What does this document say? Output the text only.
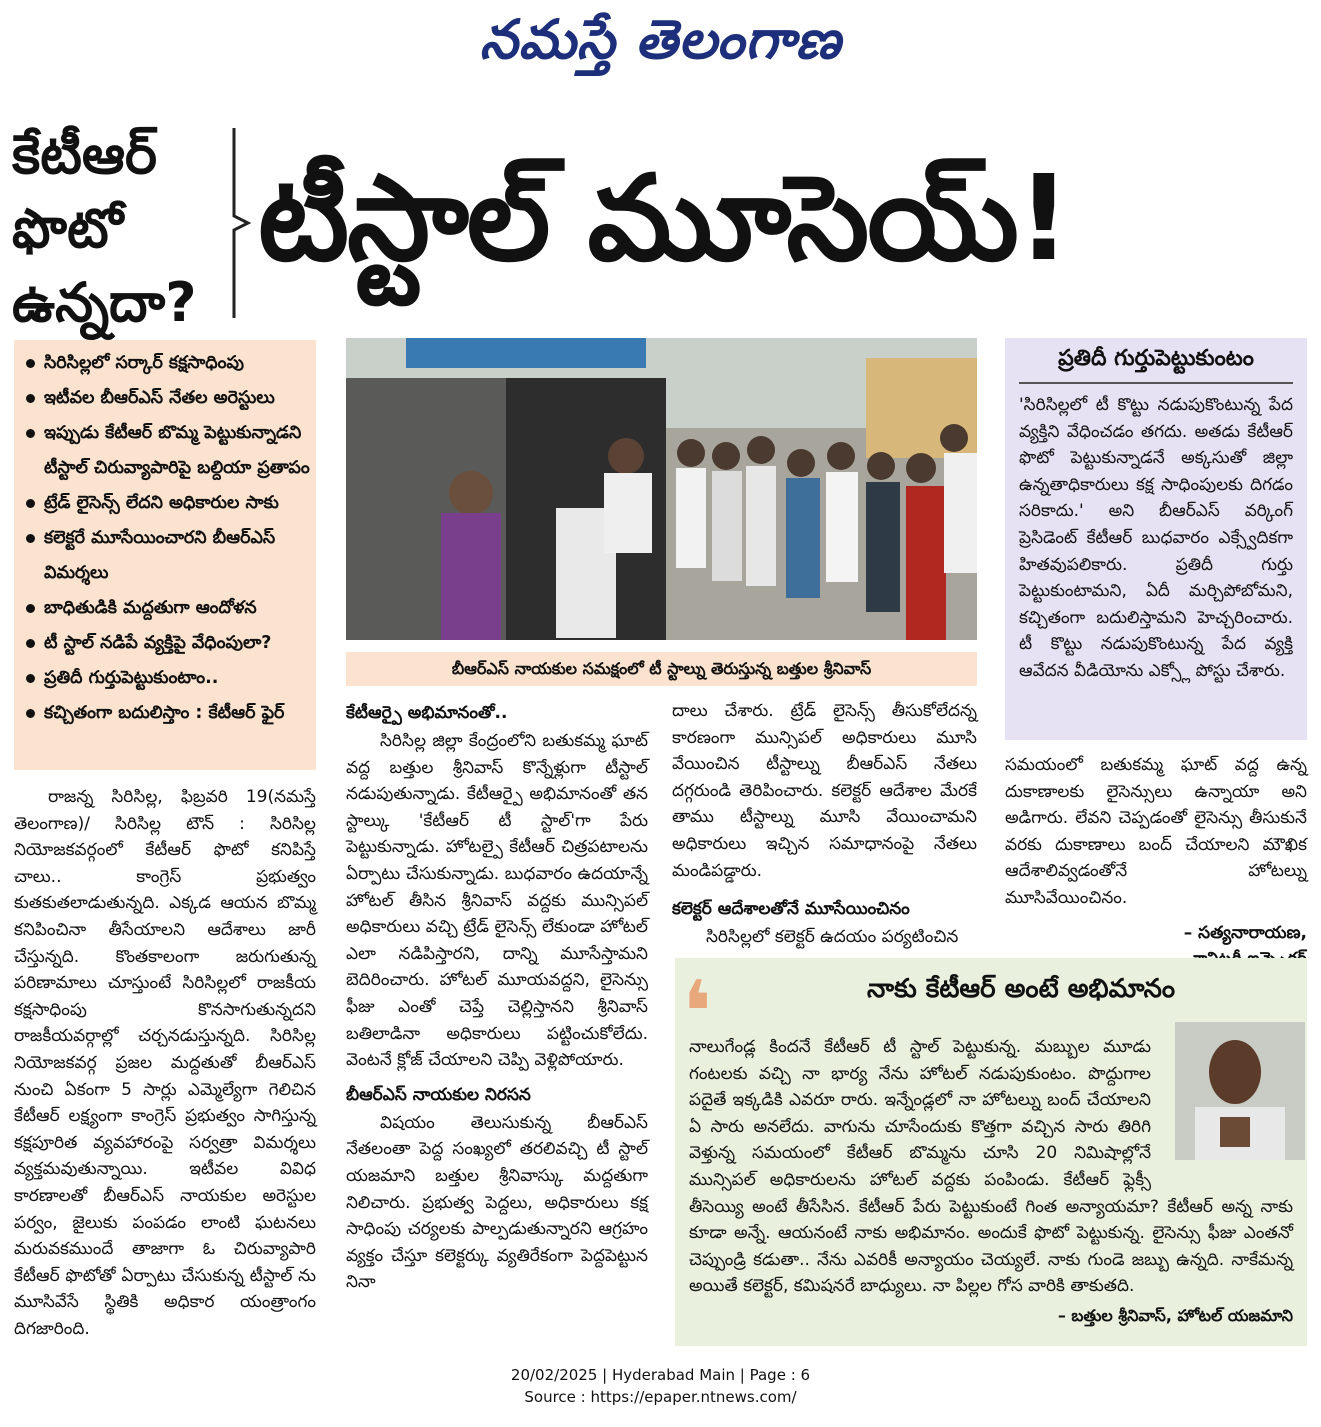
నమస్తే తెలంగాణ
కేటీఆర్
ఫొటో
ఉన్నదా?
టీస్టాల్ మూసెయ్!
సిరిసిల్లలో సర్కార్ కక్షసాధింపు
ఇటీవల బీఆర్ఎస్ నేతల అరెస్టులు
ఇప్పుడు కేటీఆర్ బొమ్మ పెట్టుకున్నాడని టీస్టాల్ చిరువ్యాపారిపై బల్దియా ప్రతాపం
ట్రేడ్ లైసెన్స్ లేదని అధికారుల సాకు
కలెక్టరే మూసేయించారని బీఆర్ఎస్ విమర్శలు
బాధితుడికి మద్దతుగా ఆందోళన
టీ స్టాల్ నడిపే వ్యక్తిపై వేధింపులా?
ప్రతిదీ గుర్తుపెట్టుకుంటాం..
కచ్చితంగా బదులిస్తాం : కేటీఆర్ ఫైర్

రాజన్న సిరిసిల్ల, ఫిబ్రవరి 19(నమస్తే తెలంగాణ)/ సిరిసిల్ల టౌన్ : సిరిసిల్ల నియోజకవర్గంలో కేటీఆర్ ఫొటో కనిపిస్తే చాలు.. కాంగ్రెస్ ప్రభుత్వం కుతకుతలాడుతున్నది. ఎక్కడ ఆయన బొమ్మ కనిపించినా తీసేయాలని ఆదేశాలు జారీ చేస్తున్నది. కొంతకాలంగా జరుగుతున్న పరిణామాలు చూస్తుంటే సిరిసిల్లలో రాజకీయ కక్షసాధింపు కొనసాగుతున్నదని రాజకీయవర్గాల్లో చర్చనడుస్తున్నది. సిరిసిల్ల నియోజకవర్గ ప్రజల మద్దతుతో బీఆర్ఎస్ నుంచి ఏకంగా 5 సార్లు ఎమ్మెల్యేగా గెలిచిన కేటీఆర్ లక్ష్యంగా కాంగ్రెస్ ప్రభుత్వం సాగిస్తున్న కక్షపూరిత వ్యవహారంపై సర్వత్రా విమర్శలు వ్యక్తమవుతున్నాయి. ఇటీవల వివిధ కారణాలతో బీఆర్ఎస్ నాయకుల అరెస్టుల పర్వం, జైలుకు పంపడం లాంటి ఘటనలు మరువకముందే తాజాగా ఓ చిరువ్యాపారి కేటీఆర్ ఫొటోతో ఏర్పాటు చేసుకున్న టీస్టాల్ ను మూసివేసే స్థితికి అధికార యంత్రాంగం దిగజారింది.

బీఆర్ఎస్ నాయకుల సమక్షంలో టీ స్టాల్ను తెరుస్తున్న బత్తుల శ్రీనివాస్
కేటీఆర్పై అభిమానంతో..

సిరిసిల్ల జిల్లా కేంద్రంలోని బతుకమ్మ ఘాట్ వద్ద బత్తుల శ్రీనివాస్ కొన్నేళ్లుగా టీస్టాల్ నడుపుతున్నాడు. కేటీఆర్పై అభిమానంతో తన స్టాల్కు 'కేటీఆర్ టీ స్టాల్'గా పేరు పెట్టుకున్నాడు. హోటల్పై కేటీఆర్ చిత్రపటాలను ఏర్పాటు చేసుకున్నాడు. బుధవారం ఉదయాన్నే హోటల్ తీసిన శ్రీనివాస్ వద్దకు మున్సిపల్ అధికారులు వచ్చి ట్రేడ్ లైసెన్స్ లేకుండా హోటల్ ఎలా నడిపిస్తారని, దాన్ని మూసేస్తామని బెదిరించారు. హోటల్ మూయవద్దని, లైసెన్సు ఫీజు ఎంతో చెప్తే చెల్లిస్తానని శ్రీనివాస్ బతిలాడినా అధికారులు పట్టించుకోలేదు. వెంటనే క్లోజ్ చేయాలని చెప్పి వెళ్లిపోయారు.

బీఆర్ఎస్ నాయకుల నిరసన

విషయం తెలుసుకున్న బీఆర్ఎస్ నేతలంతా పెద్ద సంఖ్యలో తరలివచ్చి టీ స్టాల్ యజమాని బత్తుల శ్రీనివాస్కు మద్దతుగా నిలిచారు. ప్రభుత్వ పెద్దలు, అధికారులు కక్ష సాధింపు చర్యలకు పాల్పడుతున్నారని ఆగ్రహం వ్యక్తం చేస్తూ కలెక్టర్కు వ్యతిరేకంగా పెద్దపెట్టున నినా

దాలు చేశారు. ట్రేడ్ లైసెన్స్ తీసుకోలేదన్న కారణంగా మున్సిపల్ అధికారులు మూసి వేయించిన టీస్టాల్ను బీఆర్ఎస్ నేతలు దగ్గరుండి తెరిపించారు. కలెక్టర్ ఆదేశాల మేరకే తాము టీస్టాల్ను మూసి వేయించామని అధికారులు ఇచ్చిన సమాధానంపై నేతలు మండిపడ్డారు.

కలెక్టర్ ఆదేశాలతోనే మూసేయించినం

సిరిసిల్లలో కలెక్టర్ ఉదయం పర్యటించిన

ప్రతిదీ గుర్తుపెట్టుకుంటం
'సిరిసిల్లలో టీ కొట్టు నడుపుకొంటున్న పేద వ్యక్తిని వేధించడం తగదు. అతడు కేటీఆర్ ఫొటో పెట్టుకున్నాడనే అక్కసుతో జిల్లా ఉన్నతాధికారులు కక్ష సాధింపులకు దిగడం సరికాదు.' అని బీఆర్ఎస్ వర్కింగ్ ప్రెసిడెంట్ కేటీఆర్ బుధవారం ఎక్స్వేదికగా హితవుపలికారు. ప్రతిదీ గుర్తు పెట్టుకుంటామని, ఏదీ మర్చిపోబోమని, కచ్చితంగా బదులిస్తామని హెచ్చరించారు. టీ కొట్టు నడుపుకొంటున్న పేద వ్యక్తి ఆవేదన వీడియోను ఎక్స్లో పోస్టు చేశారు.

సమయంలో బతుకమ్మ ఘాట్ వద్ద ఉన్న దుకాణాలకు లైసెన్సులు ఉన్నాయా అని అడిగారు. లేవని చెప్పడంతో లైసెన్సు తీసుకునే వరకు దుకాణాలు బంద్ చేయాలని మౌఖిక ఆదేశాలివ్వడంతోనే హోటల్ను మూసివేయించినం.

– సత్యనారాయణ,
నాకు కేటీఆర్ అంటే అభిమానం
నాలుగేండ్ల కిందనే కేటీఆర్ టీ స్టాల్ పెట్టుకున్న. మబ్బుల మూడు గంటలకు వచ్చి నా భార్య నేను హోటల్ నడుపుకుంటం. పొద్దుగాల పదైతే ఇక్కడికి ఎవరూ రారు. ఇన్నేండ్లలో నా హోటల్ను బంద్ చేయాలని ఏ సారు అనలేదు. వాగును చూసేందుకు కొత్తగా వచ్చిన సారు తిరిగి వెళ్తున్న సమయంలో కేటీఆర్ బొమ్మను చూసి 20 నిమిషాల్లోనే మున్సిపల్ అధికారులను హోటల్ వద్దకు పంపిండు. కేటీఆర్ ఫ్లెక్సీ తీసెయ్యి అంటే తీసేసిన. కేటీఆర్ పేరు పెట్టుకుంటే గింత అన్యాయమా? కేటీఆర్ అన్న నాకు కూడా అన్నే. ఆయనంటే నాకు అభిమానం. అందుకే ఫొటో పెట్టుకున్న. లైసెన్సు ఫీజు ఎంతనో చెప్పుండ్రి కడుతా.. నేను ఎవరికీ అన్యాయం చెయ్యలే. నాకు గుండె జబ్బు ఉన్నది. నాకేమన్న అయితే కలెక్టర్, కమిషనరే బాధ్యులు. నా పిల్లల గోస వారికి తాకుతది.
– బత్తుల శ్రీనివాస్, హోటల్ యజమాని
❛
20/02/2025 | Hyderabad Main | Page : 6
Source : https://epaper.ntnews.com/
